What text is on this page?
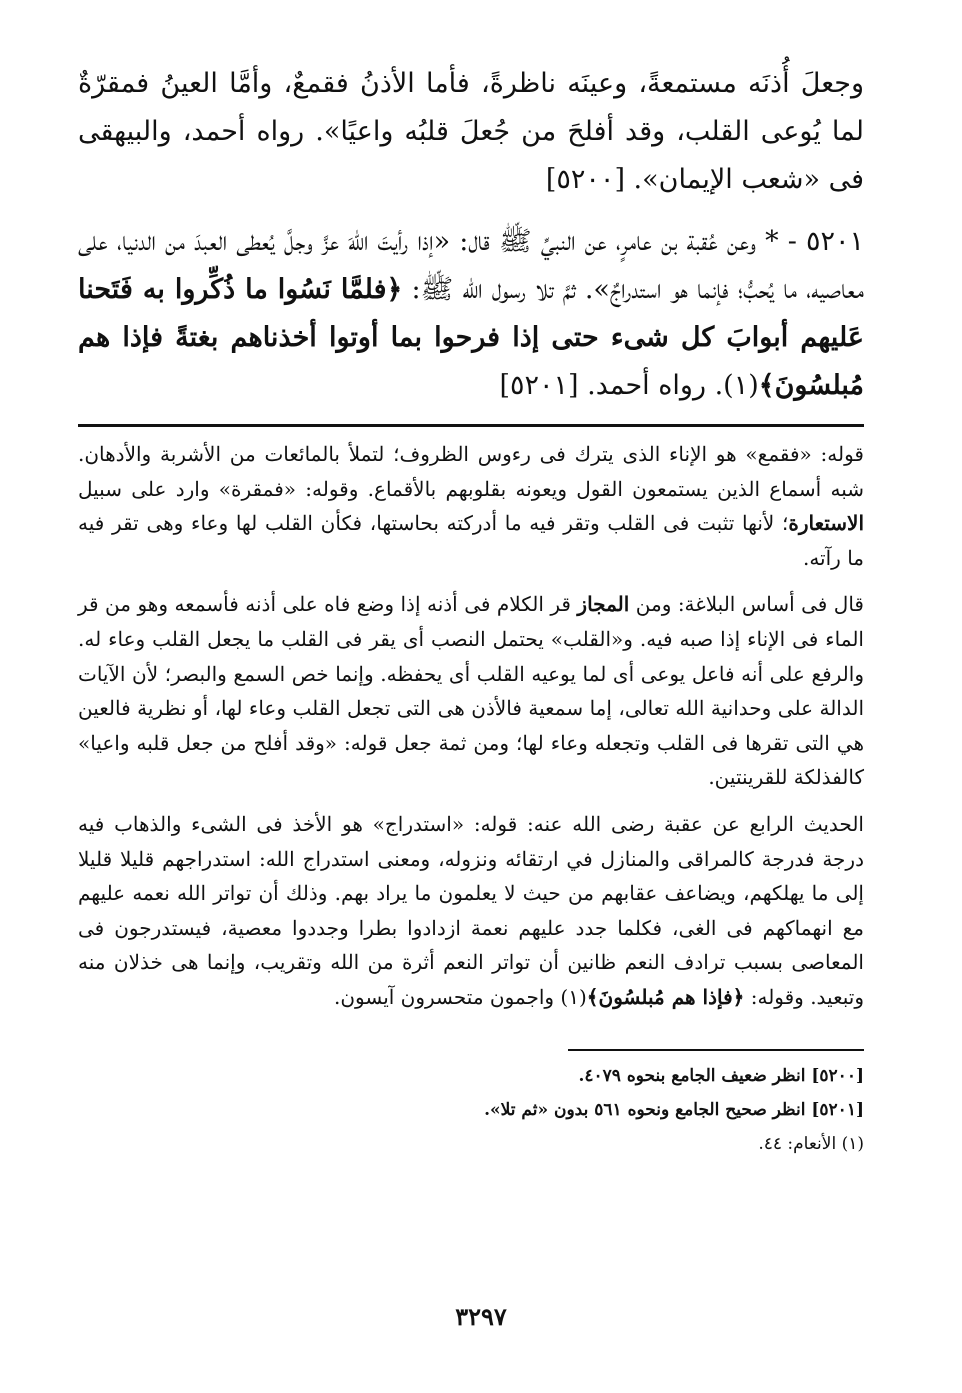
وجعلَ أُذنَه مستمعةً، وعينَه ناظرةً، فأما الأذنُ فقمعٌ، وأمَّا العينُ فمقرّةٌ لما يُوعى القلب، وقد أفلحَ من جُعلَ قلبُه واعيًا». رواه أحمد، والبيهقى فى «شعب الإيمان». [٥٢٠٠]

٥٢٠١ - * وعن عُقبة بن عامرٍ، عن النبيِّ ﷺ قال: «إذا رأيتَ اللهَ عزَّ وجلَّ يُعطى العبدَ من الدنيا، على معاصيه، ما يُحبُّ؛ فإنما هو استدراجٌ». ثمَّ تلا رسول الله ﷺ: ﴿فلمَّا نَسُوا ما ذُكِّروا به فَتَحنا عَليهم أبوابَ كل شىء حتى إذا فرحوا بما أوتوا أخذناهم بغتةً فإذا هم مُبلسُونَ﴾(١). رواه أحمد. [٥٢٠١]

قوله: «فقمع» هو الإناء الذى يترك فى رءوس الظروف؛ لتملأ بالمائعات من الأشربة والأدهان. شبه أسماع الذين يستمعون القول ويعونه بقلوبهم بالأقماع. وقوله: «فمقرة» وارد على سبيل الاستعارة؛ لأنها تثبت فى القلب وتقر فيه ما أدركته بحاستها، فكأن القلب لها وعاء وهى تقر فيه ما رآته.

قال فى أساس البلاغة: ومن المجاز قر الكلام فى أذنه إذا وضع فاه على أذنه فأسمعه وهو من قر الماء فى الإناء إذا صبه فيه. و«القلب» يحتمل النصب أى يقر فى القلب ما يجعل القلب وعاء له. والرفع على أنه فاعل يوعى أى لما يوعيه القلب أى يحفظه. وإنما خص السمع والبصر؛ لأن الآيات الدالة على وحدانية الله تعالى، إما سمعية فالأذن هى التى تجعل القلب وعاء لها، أو نظرية فالعين هي التى تقرها فى القلب وتجعله وعاء لها؛ ومن ثمة جعل قوله: «وقد أفلح من جعل قلبه واعيا» كالفذلكة للقرينتين.

الحديث الرابع عن عقبة رضى الله عنه: قوله: «استدراج» هو الأخذ فى الشىء والذهاب فيه درجة فدرجة كالمراقى والمنازل في ارتقائه ونزوله، ومعنى استدراج الله: استدراجهم قليلا قليلا إلى ما يهلكهم، ويضاعف عقابهم من حيث لا يعلمون ما يراد بهم. وذلك أن تواتر الله نعمه عليهم مع انهماكهم فى الغى، فكلما جدد عليهم نعمة ازدادوا بطرا وجددوا معصية، فيستدرجون فى المعاصى بسبب ترادف النعم ظانين أن تواتر النعم أثرة من الله وتقريب، وإنما هى خذلان منه وتبعيد. وقوله: ﴿فإذا هم مُبلسُونَ﴾(١) واجمون متحسرون آيسون.

[٥٢٠٠] انظر ضعيف الجامع بنحوه ٤٠٧٩.

[٥٢٠١] انظر صحيح الجامع ونحوه ٥٦١ بدون «ثم تلا».

(١) الأنعام: ٤٤.

٣٢٩٧
